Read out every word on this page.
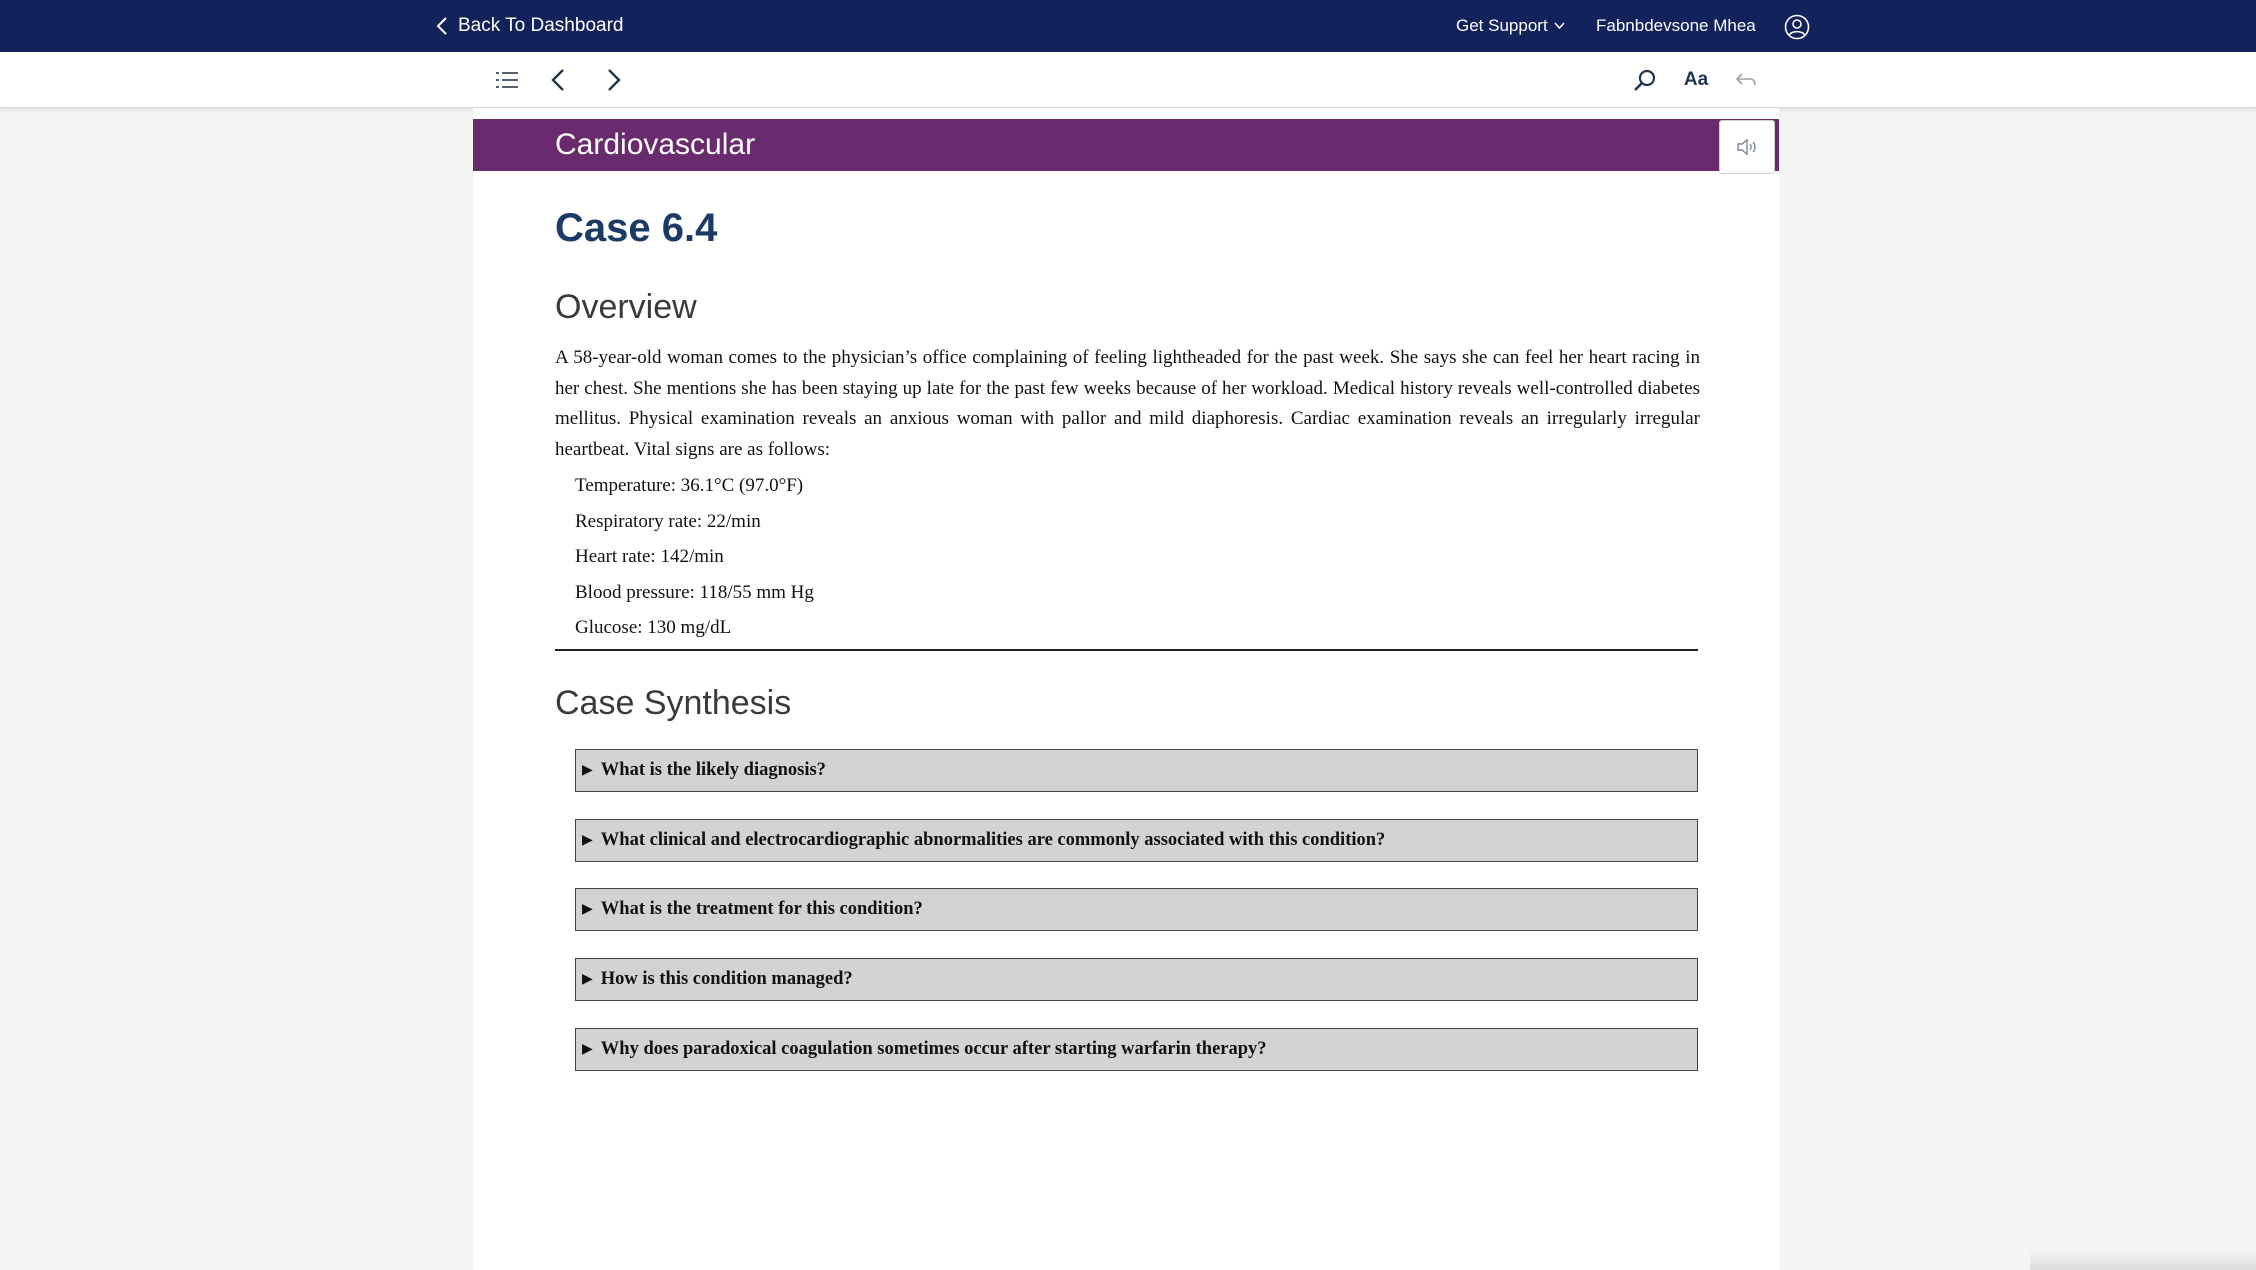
Back To Dashboard	Get Support	Fabnbdevsone Mhea
Aa
Cardiovascular
Case 6.4
Overview

A 58-year-old woman comes to the physician’s office complaining of feeling lightheaded for the past week. She says she can feel her heart racing in her chest. She mentions she has been staying up late for the past few weeks because of her workload. Medical history reveals well-controlled diabetes mellitus. Physical examination reveals an anxious woman with pallor and mild diaphoresis. Cardiac examination reveals an irregularly irregular heartbeat. Vital signs are as follows:

Temperature: 36.1°C (97.0°F)
Respiratory rate: 22/min
Heart rate: 142/min
Blood pressure: 118/55 mm Hg
Glucose: 130 mg/dL
Case Synthesis
▶ What is the likely diagnosis?
▶ What clinical and electrocardiographic abnormalities are commonly associated with this condition?
▶ What is the treatment for this condition?
▶ How is this condition managed?
▶ Why does paradoxical coagulation sometimes occur after starting warfarin therapy?
